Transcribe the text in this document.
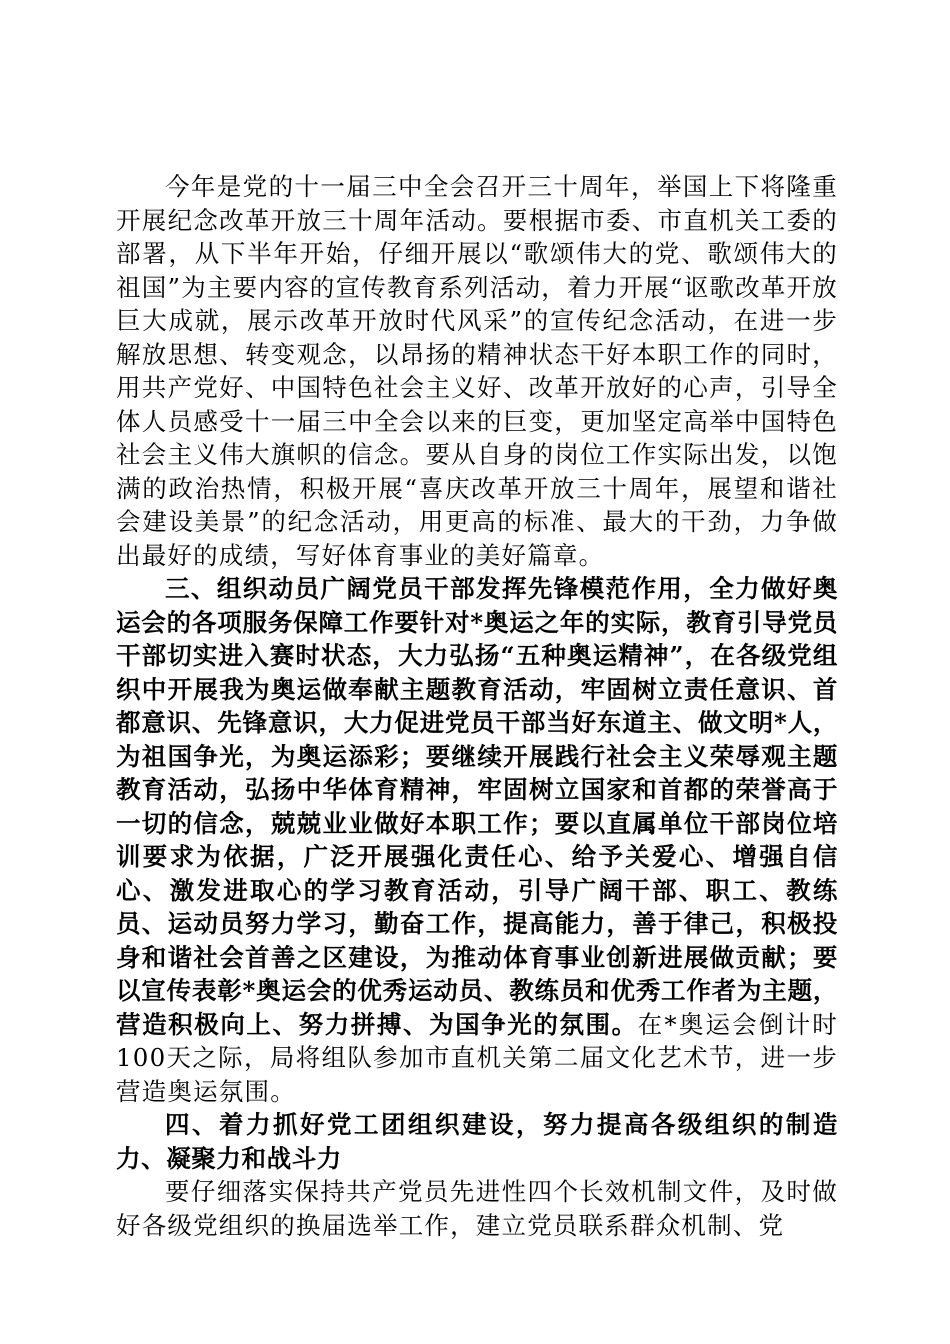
今年是党的十一届三中全会召开三十周年，举国上下将隆重开展纪念改革开放三十周年活动。要根据市委、市直机关工委的部署，从下半年开始，仔细开展以“歌颂伟大的党、歌颂伟大的祖国”为主要内容的宣传教育系列活动，着力开展“讴歌改革开放巨大成就，展示改革开放时代风采”的宣传纪念活动，在进一步解放思想、转变观念，以昂扬的精神状态干好本职工作的同时，用共产党好、中国特色社会主义好、改革开放好的心声，引导全体人员感受十一届三中全会以来的巨变，更加坚定高举中国特色社会主义伟大旗帜的信念。要从自身的岗位工作实际出发，以饱满的政治热情，积极开展“喜庆改革开放三十周年，展望和谐社会建设美景”的纪念活动，用更高的标准、最大的干劲，力争做出最好的成绩，写好体育事业的美好篇章。

三、组织动员广阔党员干部发挥先锋模范作用，全力做好奥运会的各项服务保障工作要针对*奥运之年的实际，教育引导党员干部切实进入赛时状态，大力弘扬“五种奥运精神”，在各级党组织中开展我为奥运做奉献主题教育活动，牢固树立责任意识、首都意识、先锋意识，大力促进党员干部当好东道主、做文明*人，为祖国争光，为奥运添彩；要继续开展践行社会主义荣辱观主题教育活动，弘扬中华体育精神，牢固树立国家和首都的荣誉高于一切的信念，兢兢业业做好本职工作；要以直属单位干部岗位培训要求为依据，广泛开展强化责任心、给予关爱心、增强自信心、激发进取心的学习教育活动，引导广阔干部、职工、教练员、运动员努力学习，勤奋工作，提高能力，善于律己，积极投身和谐社会首善之区建设，为推动体育事业创新进展做贡献；要以宣传表彰*奥运会的优秀运动员、教练员和优秀工作者为主题，营造积极向上、努力拼搏、为国争光的氛围。在*奥运会倒计时100天之际，局将组队参加市直机关第二届文化艺术节，进一步营造奥运氛围。

四、着力抓好党工团组织建设，努力提高各级组织的制造力、凝聚力和战斗力

要仔细落实保持共产党员先进性四个长效机制文件，及时做好各级党组织的换届选举工作，建立党员联系群众机制、党
